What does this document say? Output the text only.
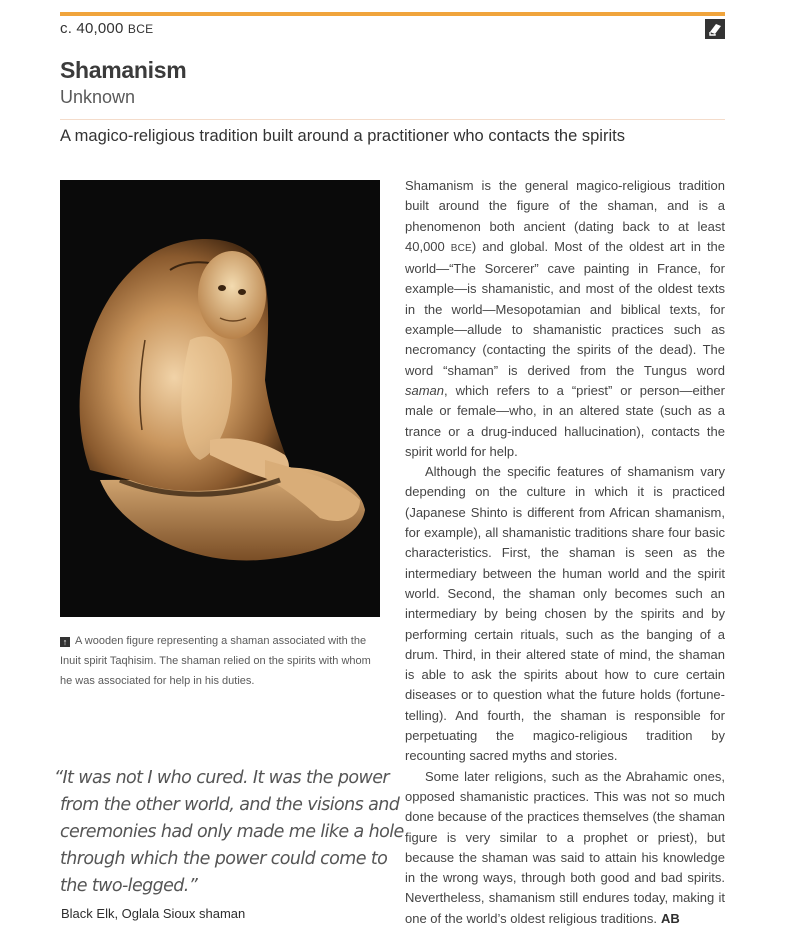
c. 40,000 BCE
Shamanism
Unknown
A magico-religious tradition built around a practitioner who contacts the spirits
↑ A wooden figure representing a shaman associated with the Inuit spirit Taqhisim. The shaman relied on the spirits with whom he was associated for help in his duties.
“It was not I who cured. It was the power
from the other world, and the visions and
ceremonies had only made me like a hole
through which the power could come to
the two-legged.”
Black Elk, Oglala Sioux shaman

Shamanism is the general magico-religious tradition built around the figure of the shaman, and is a phenomenon both ancient (dating back to at least 40,000 BCE) and global. Most of the oldest art in the world—“The Sorcerer” cave painting in France, for example—is shamanistic, and most of the oldest texts in the world—Mesopotamian and biblical texts, for example—allude to shamanistic practices such as necromancy (contacting the spirits of the dead). The word “shaman” is derived from the Tungus word saman, which refers to a “priest” or person—either male or female—who, in an altered state (such as a trance or a drug-induced hallucination), contacts the spirit world for help.

Although the specific features of shamanism vary depending on the culture in which it is practiced (Japanese Shinto is different from African shamanism, for example), all shamanistic traditions share four basic characteristics. First, the shaman is seen as the intermediary between the human world and the spirit world. Second, the shaman only becomes such an intermediary by being chosen by the spirits and by performing certain rituals, such as the banging of a drum. Third, in their altered state of mind, the shaman is able to ask the spirits about how to cure certain diseases or to question what the future holds (fortune-telling). And fourth, the shaman is responsible for perpetuating the magico-religious tradition by recounting sacred myths and stories.

Some later religions, such as the Abrahamic ones, opposed shamanistic practices. This was not so much done because of the practices themselves (the shaman figure is very similar to a prophet or priest), but because the shaman was said to attain his knowledge in the wrong ways, through both good and bad spirits. Nevertheless, shamanism still endures today, making it one of the world’s oldest religious traditions. AB
